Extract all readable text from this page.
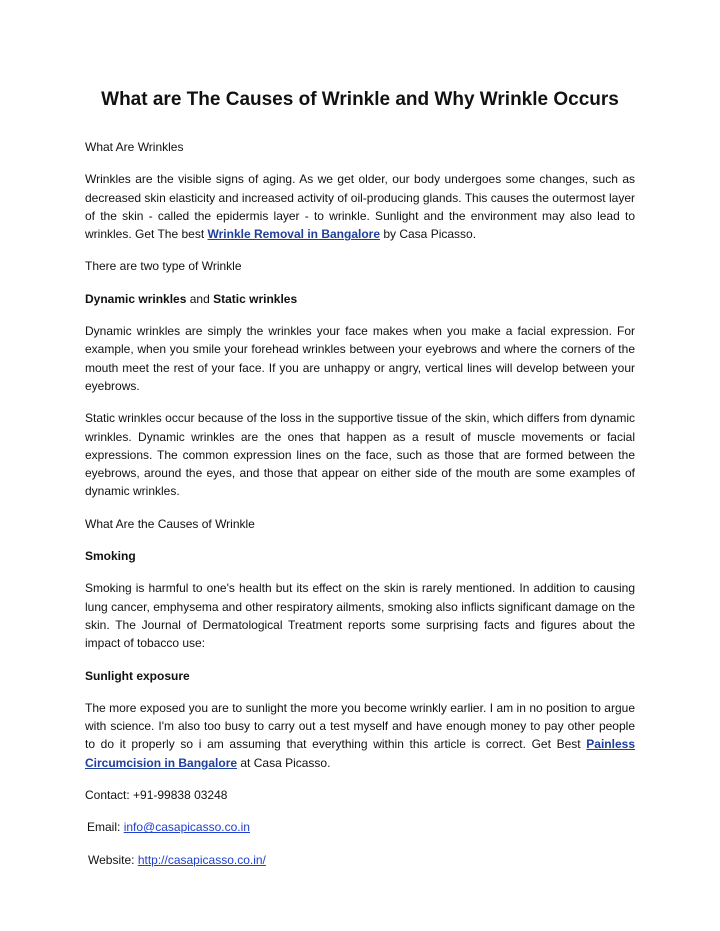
What are The Causes of Wrinkle and Why Wrinkle Occurs

What Are Wrinkles

Wrinkles are the visible signs of aging. As we get older, our body undergoes some changes, such as decreased skin elasticity and increased activity of oil-producing glands. This causes the outermost layer of the skin - called the epidermis layer - to wrinkle. Sunlight and the environment may also lead to wrinkles. Get The best Wrinkle Removal in Bangalore by Casa Picasso.

There are two type of Wrinkle

Dynamic wrinkles and Static wrinkles

Dynamic wrinkles are simply the wrinkles your face makes when you make a facial expression. For example, when you smile your forehead wrinkles between your eyebrows and where the corners of the mouth meet the rest of your face. If you are unhappy or angry, vertical lines will develop between your eyebrows.

Static wrinkles occur because of the loss in the supportive tissue of the skin, which differs from dynamic wrinkles. Dynamic wrinkles are the ones that happen as a result of muscle movements or facial expressions. The common expression lines on the face, such as those that are formed between the eyebrows, around the eyes, and those that appear on either side of the mouth are some examples of dynamic wrinkles.

What Are the Causes of Wrinkle

Smoking

Smoking is harmful to one's health but its effect on the skin is rarely mentioned. In addition to causing lung cancer, emphysema and other respiratory ailments, smoking also inflicts significant damage on the skin. The Journal of Dermatological Treatment reports some surprising facts and figures about the impact of tobacco use:

Sunlight exposure

The more exposed you are to sunlight the more you become wrinkly earlier. I am in no position to argue with science. I'm also too busy to carry out a test myself and have enough money to pay other people to do it properly so i am assuming that everything within this article is correct. Get Best Painless Circumcision in Bangalore at Casa Picasso.

Contact: +91-99838 03248

Email: info@casapicasso.co.in

Website: http://casapicasso.co.in/
